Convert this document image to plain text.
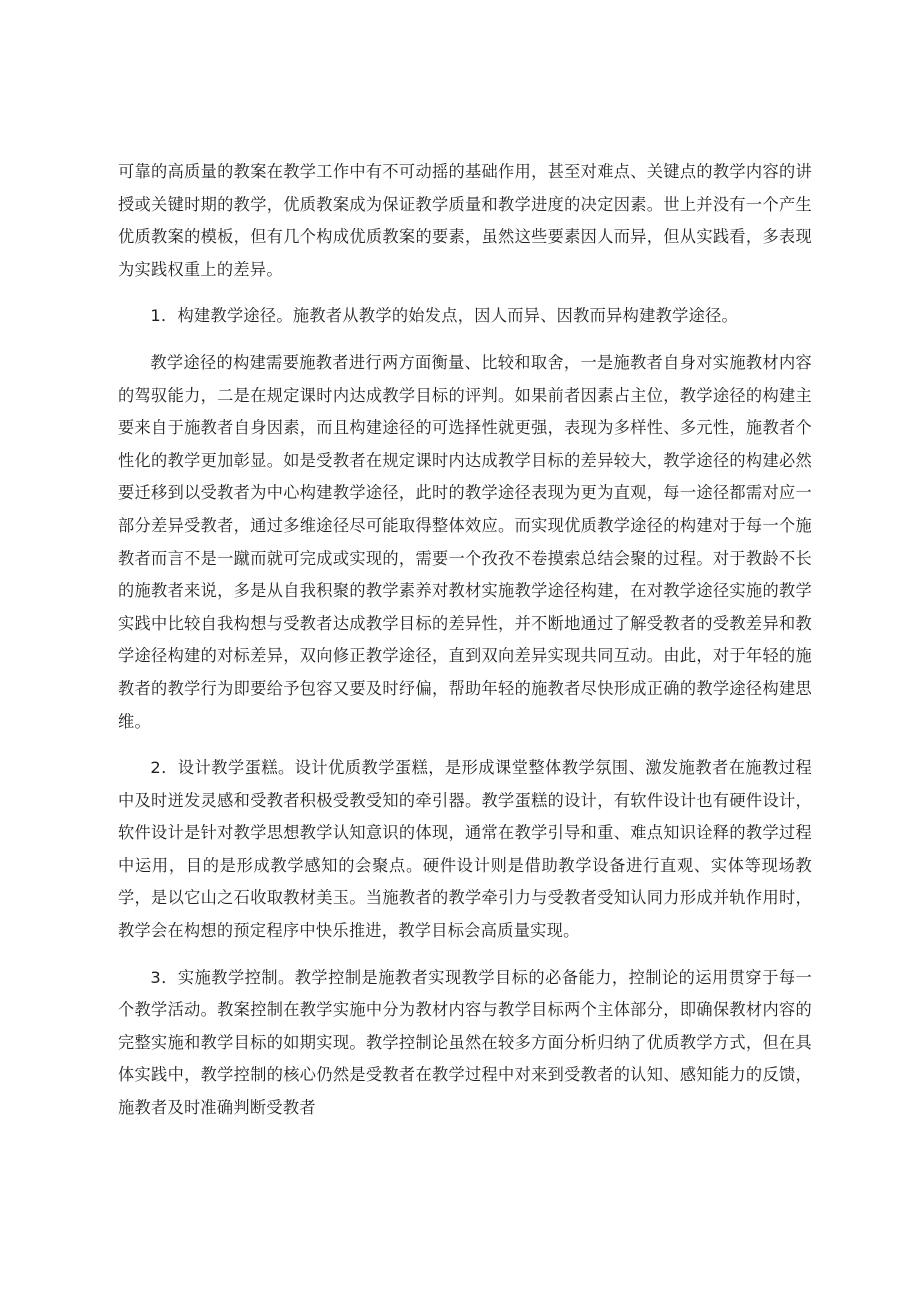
可靠的高质量的教案在教学工作中有不可动摇的基础作用，甚至对难点、关键点的教学内容的讲授或关键时期的教学，优质教案成为保证教学质量和教学进度的决定因素。世上并没有一个产生优质教案的模板，但有几个构成优质教案的要素，虽然这些要素因人而异，但从实践看，多表现为实践权重上的差异。

1．构建教学途径。施教者从教学的始发点，因人而异、因教而异构建教学途径。

教学途径的构建需要施教者进行两方面衡量、比较和取舍，一是施教者自身对实施教材内容的驾驭能力，二是在规定课时内达成教学目标的评判。如果前者因素占主位，教学途径的构建主要来自于施教者自身因素，而且构建途径的可选择性就更强，表现为多样性、多元性，施教者个性化的教学更加彰显。如是受教者在规定课时内达成教学目标的差异较大，教学途径的构建必然要迁移到以受教者为中心构建教学途径，此时的教学途径表现为更为直观，每一途径都需对应一部分差异受教者，通过多维途径尽可能取得整体效应。而实现优质教学途径的构建对于每一个施教者而言不是一蹴而就可完成或实现的，需要一个孜孜不卷摸索总结会聚的过程。对于教龄不长的施教者来说，多是从自我积聚的教学素养对教材实施教学途径构建，在对教学途径实施的教学实践中比较自我构想与受教者达成教学目标的差异性，并不断地通过了解受教者的受教差异和教学途径构建的对标差异，双向修正教学途径，直到双向差异实现共同互动。由此，对于年轻的施教者的教学行为即要给予包容又要及时纾偏，帮助年轻的施教者尽快形成正确的教学途径构建思维。

2．设计教学蛋糕。设计优质教学蛋糕，是形成课堂整体教学氛围、激发施教者在施教过程中及时迸发灵感和受教者积极受教受知的牵引器。教学蛋糕的设计，有软件设计也有硬件设计，软件设计是针对教学思想教学认知意识的体现，通常在教学引导和重、难点知识诠释的教学过程中运用，目的是形成教学感知的会聚点。硬件设计则是借助教学设备进行直观、实体等现场教学，是以它山之石收取教材美玉。当施教者的教学牵引力与受教者受知认同力形成并轨作用时，教学会在构想的预定程序中快乐推进，教学目标会高质量实现。

3．实施教学控制。教学控制是施教者实现教学目标的必备能力，控制论的运用贯穿于每一个教学活动。教案控制在教学实施中分为教材内容与教学目标两个主体部分，即确保教材内容的完整实施和教学目标的如期实现。教学控制论虽然在较多方面分析归纳了优质教学方式，但在具体实践中，教学控制的核心仍然是受教者在教学过程中对来到受教者的认知、感知能力的反馈，施教者及时准确判断受教者
